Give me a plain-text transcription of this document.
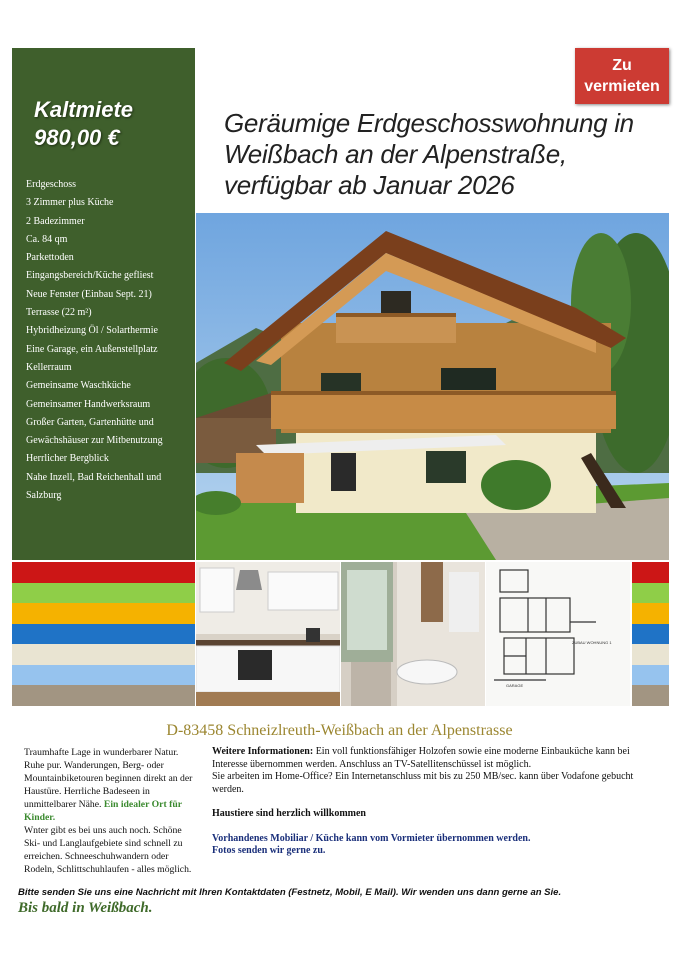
Kaltmiete
980,00 €
Erdgeschoss
3 Zimmer plus Küche
2 Badezimmer
Ca. 84 qm
Parkettoden
Eingangsbereich/Küche gefliest
Neue Fenster (Einbau Sept. 21)
Terrasse (22 m²)
Hybridheizung Öl / Solarthermie
Eine Garage, ein Außenstellplatz
Kellerraum
Gemeinsame Waschküche
Gemeinsamer Handwerksraum
Großer Garten, Gartenhütte und
Gewächshäuser zur Mitbenutzung
Herrlicher Bergblick
Nahe Inzell, Bad Reichenhall und
Salzburg
Zu
vermieten
Geräumige Erdgeschosswohnung in
Weißbach an der Alpenstraße,
verfügbar ab Januar 2026
GARAGE
ZUBAU WOHNUNG 1
D-83458 Schneizlreuth-Weißbach an der Alpenstrasse
Traumhafte Lage in wunderbarer Natur. Ruhe pur. Wanderungen, Berg- oder Mountainbiketouren beginnen direkt an der Haustüre. Herrliche Badeseen in unmittelbarer Nähe. Ein idealer Ort für Kinder.
Wnter gibt es bei uns auch noch. Schöne Ski- und Langlaufgebiete sind schnell zu erreichen. Schneeschuhwandern oder Rodeln, Schlittschuhlaufen - alles möglich.

Weitere Informationen: Ein voll funktionsfähiger Holzofen sowie eine moderne Einbauküche kann bei Interesse übernommen werden. Anschluss an TV-Satellitenschüssel ist möglich.

Sie arbeiten im Home-Office? Ein Internetanschluss mit bis zu 250 MB/sec. kann über Vodafone gebucht werden.

Haustiere sind herzlich willkommen

Vorhandenes Mobiliar / Küche kann vom Vormieter übernommen werden.

Fotos senden wir gerne zu.

Bitte senden Sie uns eine Nachricht mit Ihren Kontaktdaten (Festnetz, Mobil, E Mail). Wir wenden uns dann gerne an Sie.
Bis bald in Weißbach.
